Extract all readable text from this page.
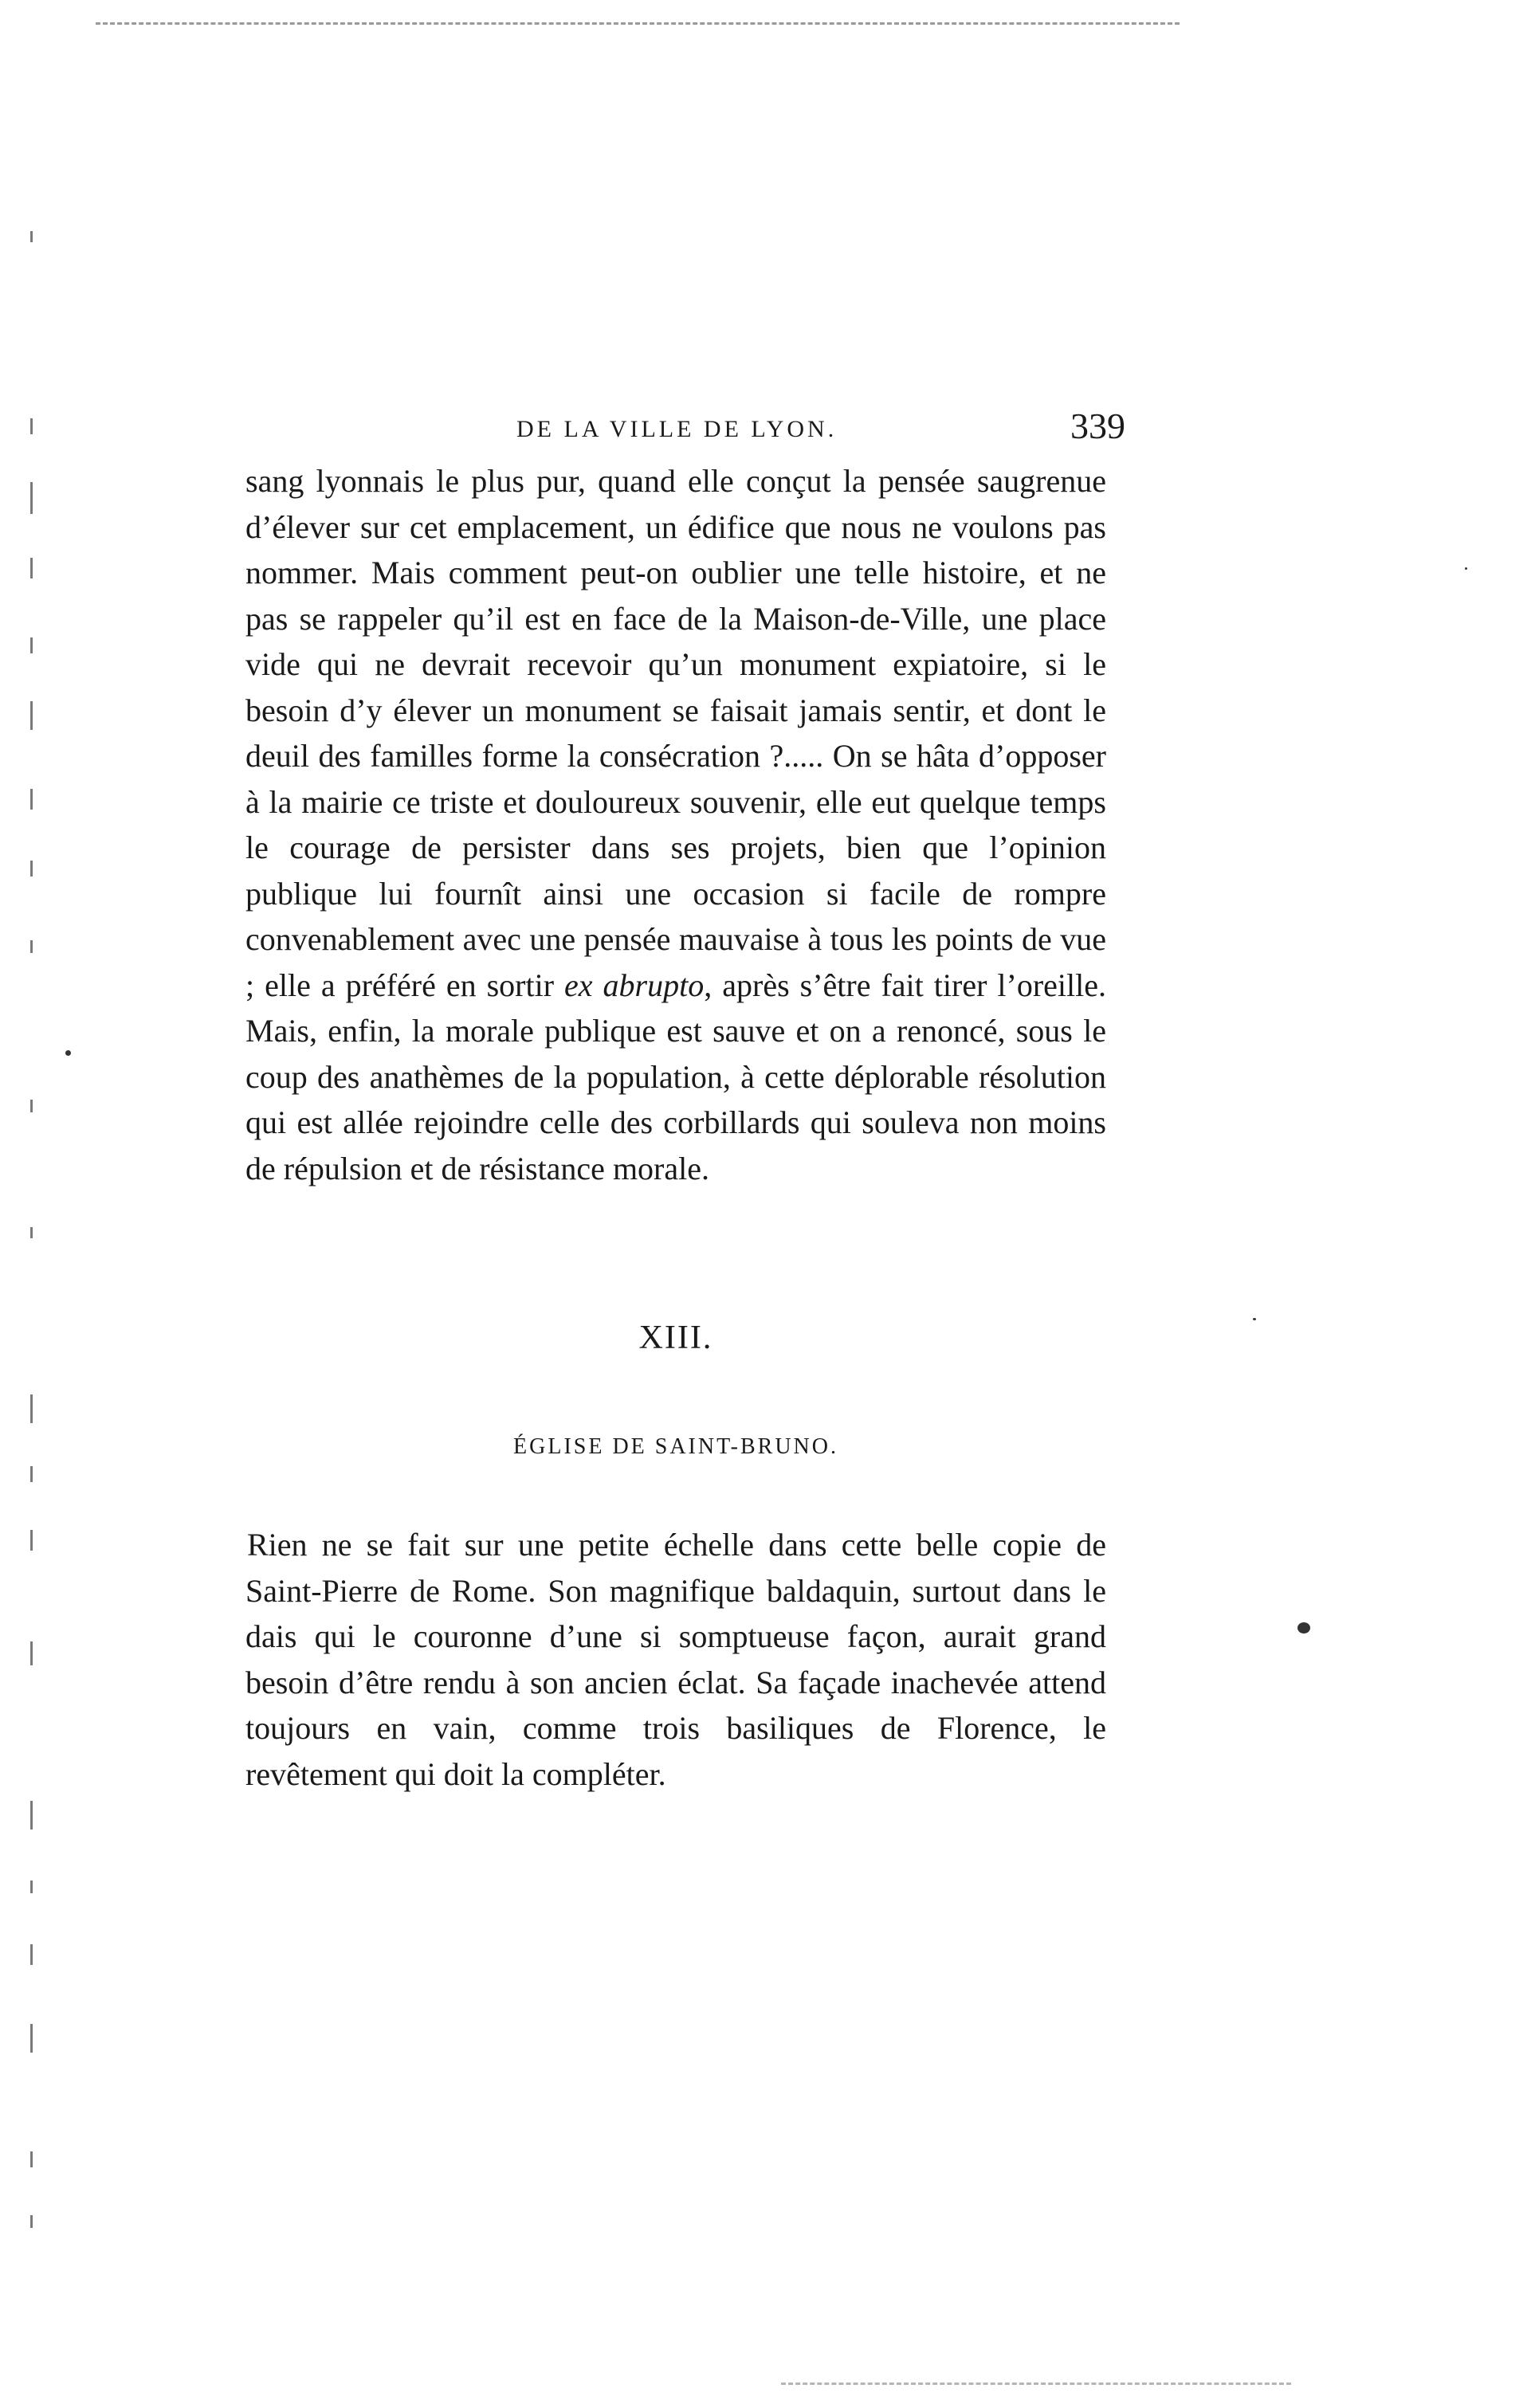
DE LA VILLE DE LYON.	339

sang lyonnais le plus pur, quand elle conçut la pensée saugrenue d’élever sur cet emplacement, un édifice que nous ne voulons pas nommer. Mais comment peut-on oublier une telle histoire, et ne pas se rappeler qu’il est en face de la Maison-de-Ville, une place vide qui ne devrait recevoir qu’un monument expiatoire, si le besoin d’y élever un monument se faisait jamais sentir, et dont le deuil des familles forme la consécration ?..... On se hâta d’opposer à la mairie ce triste et douloureux souvenir, elle eut quelque temps le courage de persister dans ses projets, bien que l’opinion publique lui fournît ainsi une occasion si facile de rompre convenablement avec une pensée mauvaise à tous les points de vue ; elle a préféré en sortir ex abrupto, après s’être fait tirer l’oreille. Mais, enfin, la morale publique est sauve et on a renoncé, sous le coup des anathèmes de la population, à cette déplorable résolution qui est allée rejoindre celle des corbillards qui souleva non moins de répulsion et de résistance morale.

XIII.
ÉGLISE DE SAINT-BRUNO.

Rien ne se fait sur une petite échelle dans cette belle copie de Saint-Pierre de Rome. Son magnifique baldaquin, surtout dans le dais qui le couronne d’une si somptueuse façon, aurait grand besoin d’être rendu à son ancien éclat. Sa façade inachevée attend toujours en vain, comme trois basiliques de Florence, le revêtement qui doit la compléter.
